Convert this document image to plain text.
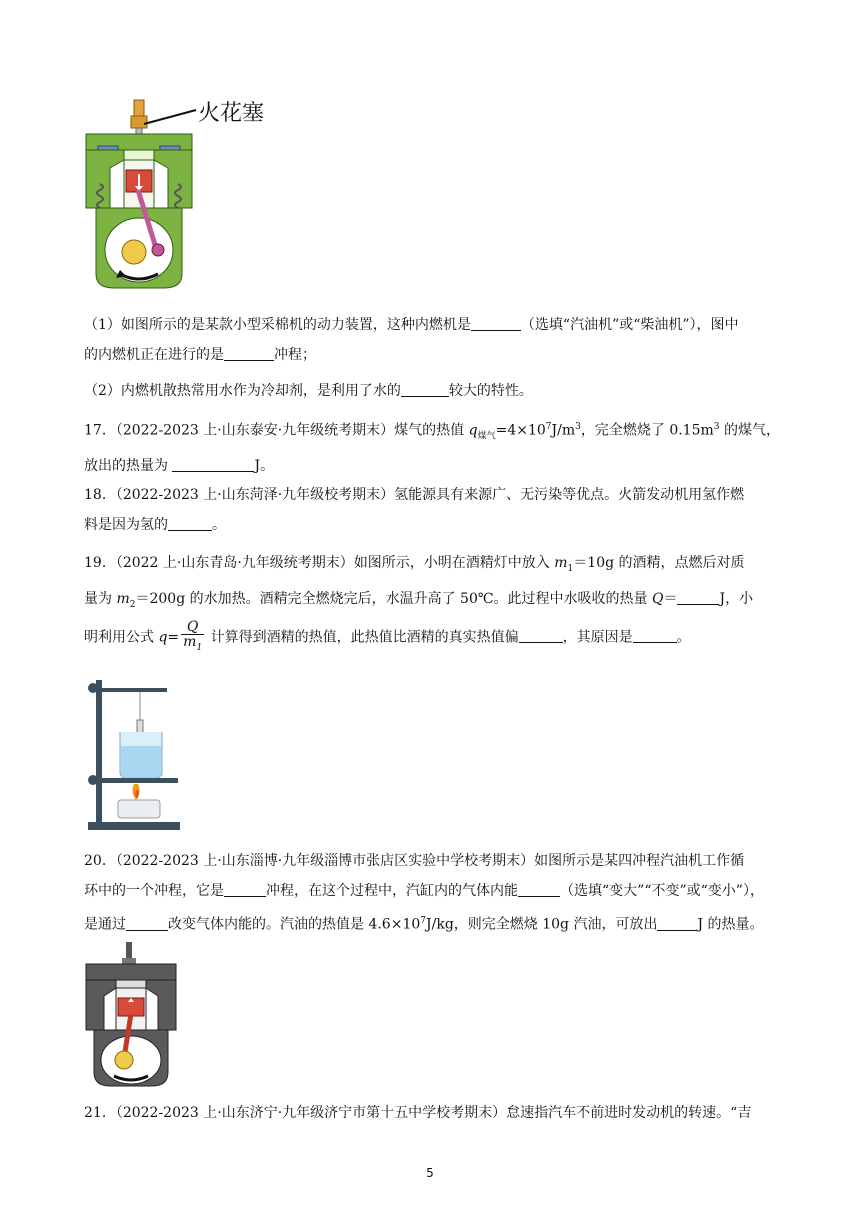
火花塞
（1）如图所示的是某款小型采棉机的动力装置，这种内燃机是	（选填“汽油机”或“柴油机”），图中
的内燃机正在进行的是	冲程；
（2）内燃机散热常用水作为冷却剂，是利用了水的	较大的特性。
17．（2022-2023 上·山东泰安·九年级统考期末）煤气的热值 $q_{煤气}=4\times 10^7J/m^3$，完全燃烧了 $0.15m^3$ 的煤气，
放出的热量为	J。
18．（2022-2023 上·山东菏泽·九年级校考期末）氢能源具有来源广、无污染等优点。火箭发动机用氢作燃
料是因为氢的	。
19．（2022 上·山东青岛·九年级统考期末）如图所示，小明在酒精灯中放入 $m_1=10g$ 的酒精，点燃后对质
量为 $m_2=200g$ 的水加热。酒精完全燃烧完后，水温升高了 50℃。此过程中水吸收的热量 Q＝	J，小
明利用公式 $q= \frac{Q}{m_1}$ 计算得到酒精的热值，此热值比酒精的真实热值偏	，其原因是	。
20．（2022-2023 上·山东淄博·九年级淄博市张店区实验中学校考期末）如图所示是某四冲程汽油机工作循
环中的一个冲程，它是	冲程，在这个过程中，汽缸内的气体内能	（选填“变大”“不变”或“变小”），
是通过	改变气体内能的。汽油的热值是 $4.6\times 10^7J/kg$，则完全燃烧 10g 汽油，可放出	J 的热量。
21．（2022-2023 上·山东济宁·九年级济宁市第十五中学校考期末）怠速指汽车不前进时发动机的转速。“吉
5
